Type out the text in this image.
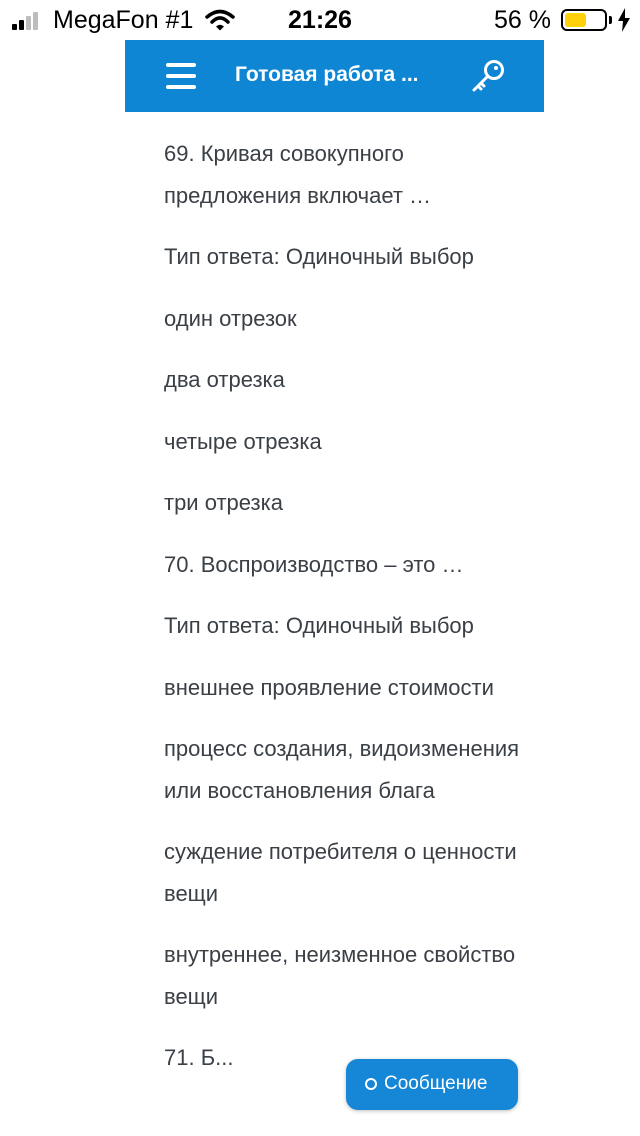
MegaFon #1	21:26	56 %
Готовая работа ...

69. Кривая совокупного предложения включает …

Тип ответа: Одиночный выбор

один отрезок

два отрезка

четыре отрезка

три отрезка

70. Воспроизводство – это …

Тип ответа: Одиночный выбор

внешнее проявление стоимости

процесс создания, видоизменения или восстановления блага

суждение потребителя о ценности вещи

внутреннее, неизменное свойство вещи

71. Б...

Сообщение
